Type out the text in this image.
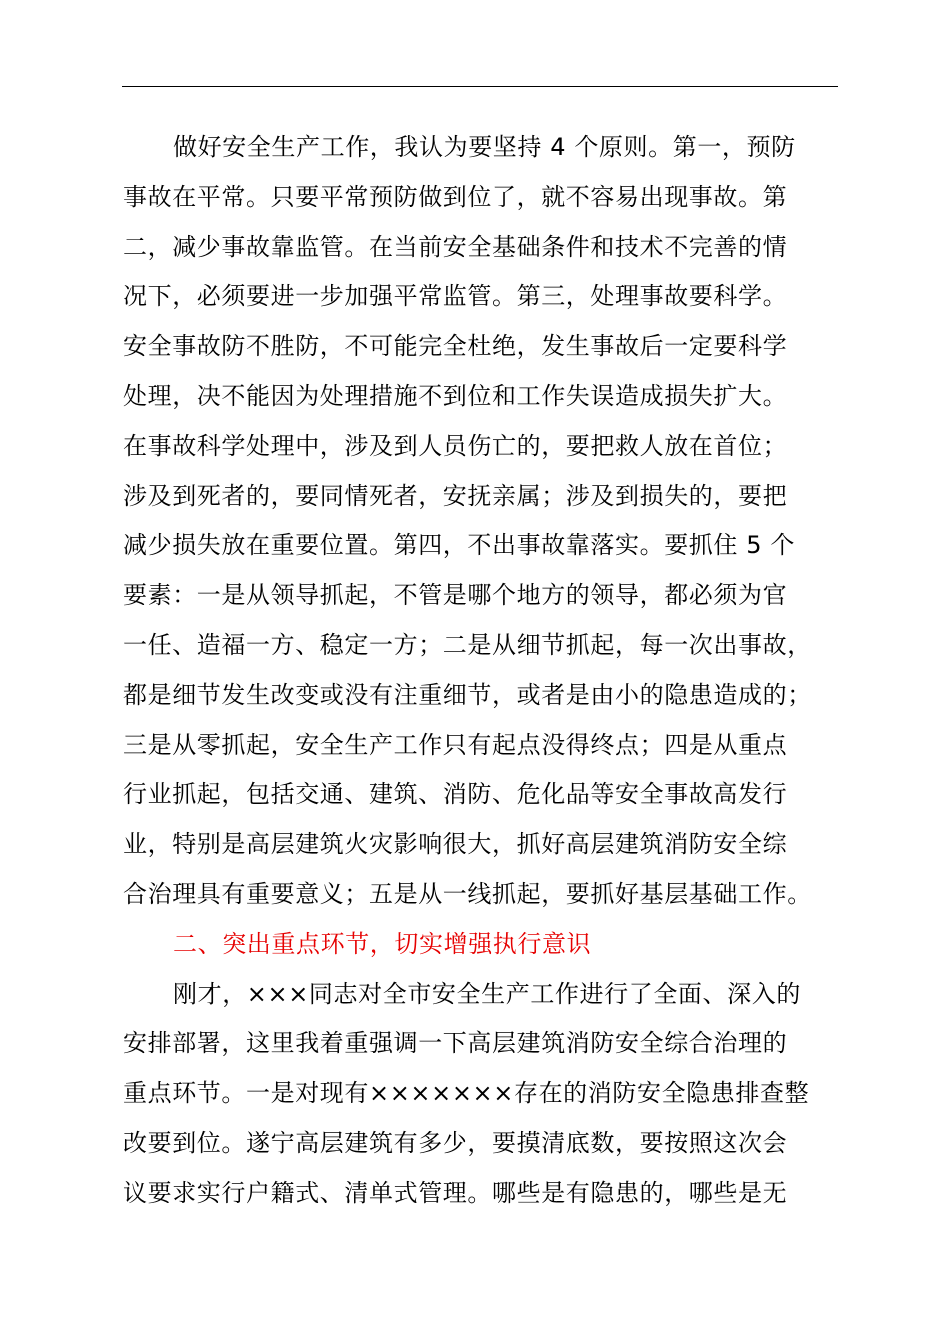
做好安全生产工作，我认为要坚持 4 个原则。第一，预防
事故在平常。只要平常预防做到位了，就不容易出现事故。第
二，减少事故靠监管。在当前安全基础条件和技术不完善的情
况下，必须要进一步加强平常监管。第三，处理事故要科学。
安全事故防不胜防，不可能完全杜绝，发生事故后一定要科学
处理，决不能因为处理措施不到位和工作失误造成损失扩大。
在事故科学处理中，涉及到人员伤亡的，要把救人放在首位；
涉及到死者的，要同情死者，安抚亲属；涉及到损失的，要把
减少损失放在重要位置。第四，不出事故靠落实。要抓住 5 个
要素：一是从领导抓起，不管是哪个地方的领导，都必须为官
一任、造福一方、稳定一方；二是从细节抓起，每一次出事故，
都是细节发生改变或没有注重细节，或者是由小的隐患造成的；
三是从零抓起，安全生产工作只有起点没得终点；四是从重点
行业抓起，包括交通、建筑、消防、危化品等安全事故高发行
业，特别是高层建筑火灾影响很大，抓好高层建筑消防安全综
合治理具有重要意义；五是从一线抓起，要抓好基层基础工作。
二、突出重点环节，切实增强执行意识
刚才，×××同志对全市安全生产工作进行了全面、深入的
安排部署，这里我着重强调一下高层建筑消防安全综合治理的
重点环节。一是对现有×××××××存在的消防安全隐患排查整
改要到位。遂宁高层建筑有多少，要摸清底数，要按照这次会
议要求实行户籍式、清单式管理。哪些是有隐患的，哪些是无
